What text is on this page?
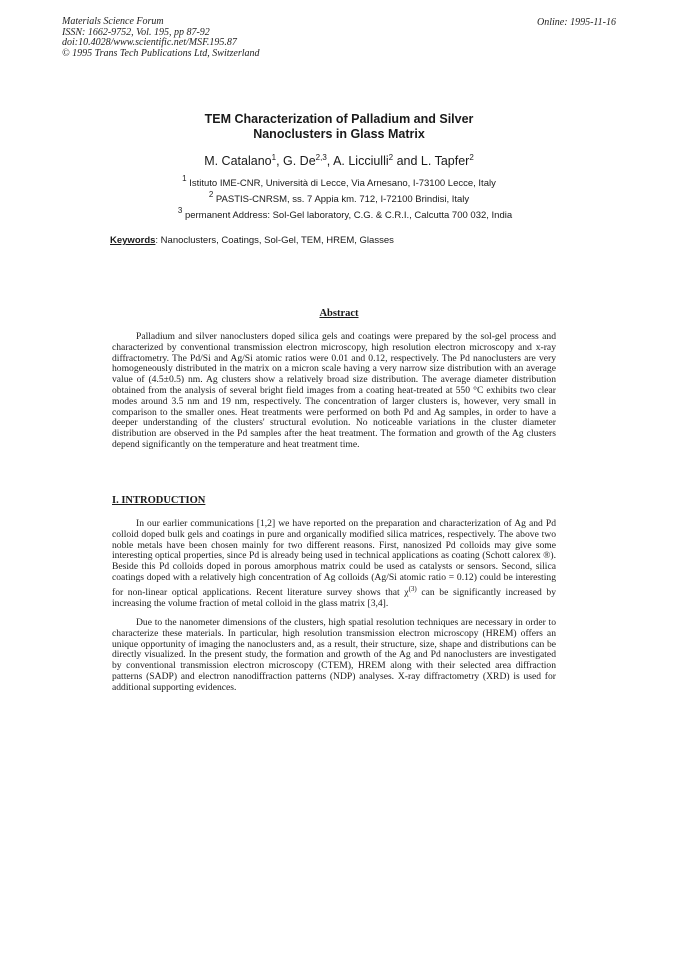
Materials Science Forum
ISSN: 1662-9752, Vol. 195, pp 87-92
doi:10.4028/www.scientific.net/MSF.195.87
© 1995 Trans Tech Publications Ltd, Switzerland
Online: 1995-11-16
TEM Characterization of Palladium and Silver
Nanoclusters in Glass Matrix
M. Catalano$^1$, G. De$^{2,3}$, A. Licciulli$^2$ and L. Tapfer$^2$
$^1$ Istituto IME-CNR, Università di Lecce, Via Arnesano, I-73100 Lecce, Italy
$^2$ PASTIS-CNRSM, ss. 7 Appia km. 712, I-72100 Brindisi, Italy
$^3$ permanent Address: Sol-Gel laboratory, C.G. & C.R.I., Calcutta 700 032, India
Keywords: Nanoclusters, Coatings, Sol-Gel, TEM, HREM, Glasses
Abstract

Palladium and silver nanoclusters doped silica gels and coatings were prepared by the sol-gel process and characterized by conventional transmission electron microscopy, high resolution electron microscopy and x-ray diffractometry. The Pd/Si and Ag/Si atomic ratios were 0.01 and 0.12, respectively. The Pd nanoclusters are very homogeneously distributed in the matrix on a micron scale having a very narrow size distribution with an average value of (4.5±0.5) nm. Ag clusters show a relatively broad size distribution. The average diameter distribution obtained from the analysis of several bright field images from a coating heat-treated at 550 °C exhibits two clear modes around 3.5 nm and 19 nm, respectively. The concentration of larger clusters is, however, very small in comparison to the smaller ones. Heat treatments were performed on both Pd and Ag samples, in order to have a deeper understanding of the clusters' structural evolution. No noticeable variations in the cluster diameter distribution are observed in the Pd samples after the heat treatment. The formation and growth of the Ag clusters depend significantly on the temperature and heat treatment time.

I. INTRODUCTION

In our earlier communications [1,2] we have reported on the preparation and characterization of Ag and Pd colloid doped bulk gels and coatings in pure and organically modified silica matrices, respectively. The above two noble metals have been chosen mainly for two different reasons. First, nanosized Pd colloids may give some interesting optical properties, since Pd is already being used in technical applications as coating (Schott calorex ®). Beside this Pd colloids doped in porous amorphous matrix could be used as catalysts or sensors. Second, silica coatings doped with a relatively high concentration of Ag colloids (Ag/Si atomic ratio = 0.12) could be interesting for non-linear optical applications. Recent literature survey shows that $\chi^{(3)}$ can be significantly increased by increasing the volume fraction of metal colloid in the glass matrix [3,4].

Due to the nanometer dimensions of the clusters, high spatial resolution techniques are necessary in order to characterize these materials. In particular, high resolution transmission electron microscopy (HREM) offers an unique opportunity of imaging the nanoclusters and, as a result, their structure, size, shape and distributions can be directly visualized. In the present study, the formation and growth of the Ag and Pd nanoclusters are investigated by conventional transmission electron microscopy (CTEM), HREM along with their selected area diffraction patterns (SADP) and electron nanodiffraction patterns (NDP) analyses. X-ray diffractometry (XRD) is used for additional supporting evidences.
